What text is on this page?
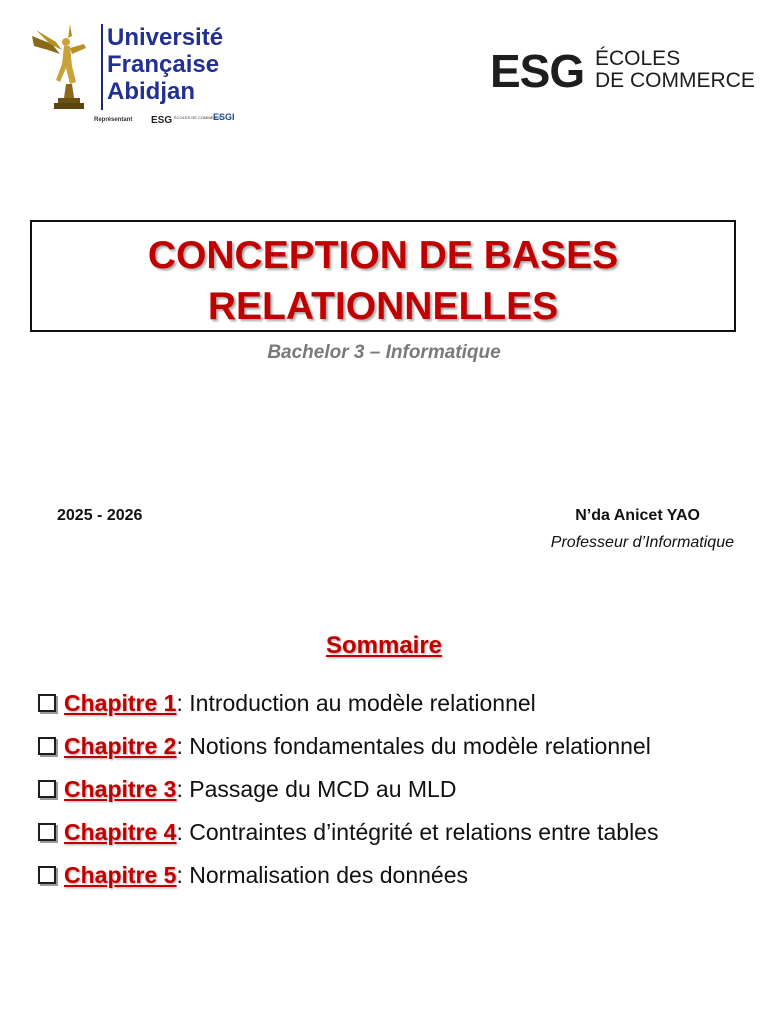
Université
Française
Abidjan
Représentant ESG ÉCOLES DE COMMERCE
ESGI
ESG ÉCOLES
DE COMMERCE
CONCEPTION DE BASES
RELATIONNELLES
Bachelor 3 – Informatique
2025 - 2026	N’da Anicet YAO
Professeur d’Informatique
Sommaire
Chapitre 1: Introduction au modèle relationnel
Chapitre 2: Notions fondamentales du modèle relationnel
Chapitre 3: Passage du MCD au MLD
Chapitre 4: Contraintes d’intégrité et relations entre tables
Chapitre 5: Normalisation des données
